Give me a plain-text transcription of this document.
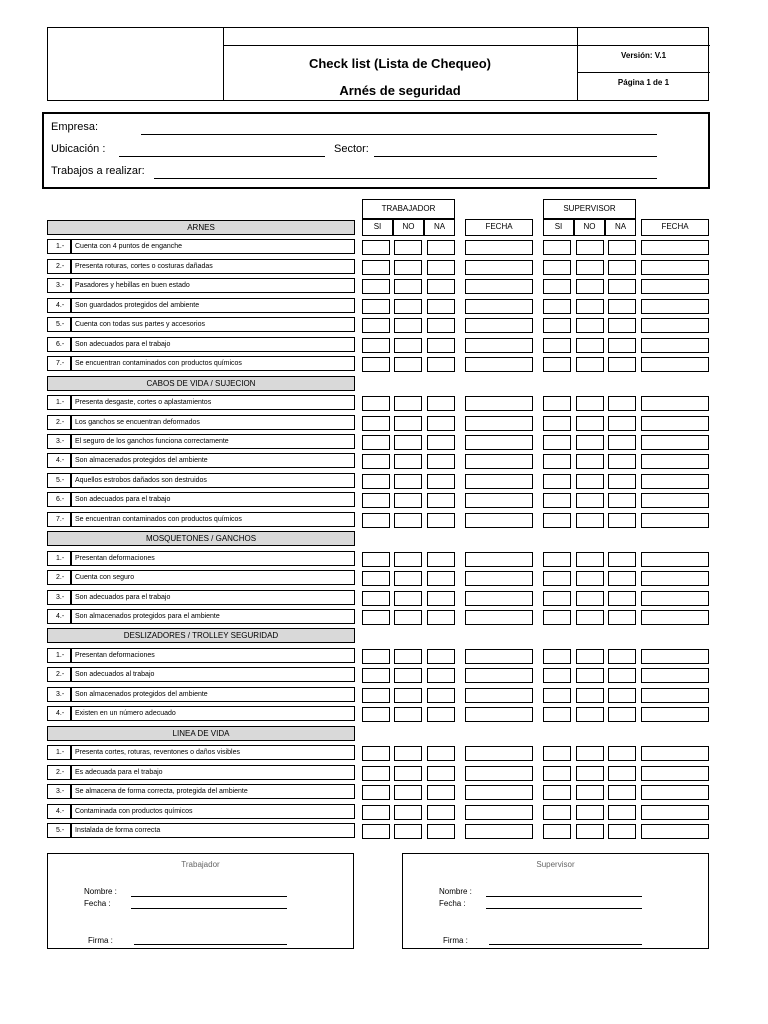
Check list (Lista de Chequeo)
Arnés de seguridad
Versión: V.1
Página 1 de 1
Empresa:
Ubicación :	Sector:
Trabajos a realizar:
TRABAJADOR
SI	NO	NA	FECHA
SUPERVISOR
SI	NO	NA	FECHA
ARNES
1.-	Cuenta con 4 puntos de enganche
2.-	Presenta roturas, cortes o costuras dañadas
3.-	Pasadores y hebillas en buen estado
4.-	Son guardados protegidos del ambiente
5.-	Cuenta con todas sus partes y accesorios
6.-	Son adecuados para el trabajo
7.-	Se encuentran contaminados con productos químicos
CABOS DE VIDA / SUJECION
1.-	Presenta desgaste, cortes o aplastamientos
2.-	Los ganchos se encuentran deformados
3.-	El seguro de los ganchos funciona correctamente
4.-	Son almacenados protegidos del ambiente
5.-	Aquellos estrobos dañados son destruidos
6.-	Son adecuados para el trabajo
7.-	Se encuentran contaminados con productos químicos
MOSQUETONES / GANCHOS
1.-	Presentan deformaciones
2.-	Cuenta con seguro
3.-	Son adecuados para el trabajo
4.-	Son almacenados protegidos para el ambiente
DESLIZADORES / TROLLEY SEGURIDAD
1.-	Presentan deformaciones
2.-	Son adecuados al trabajo
3.-	Son almacenados protegidos del ambiente
4.-	Existen en un número adecuado
LINEA DE VIDA
1.-	Presenta cortes, roturas, reventones o daños visibles
2.-	Es adecuada para el trabajo
3.-	Se almacena de forma correcta, protegida del ambiente
4.-	Contaminada con productos químicos
5.-	Instalada de forma correcta
Trabajador
Nombre :
Fecha :
Firma :
Supervisor
Nombre :
Fecha :
Firma :
